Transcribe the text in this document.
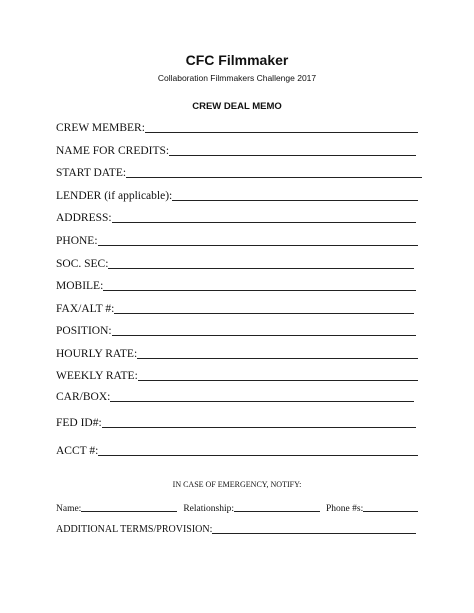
CFC Filmmaker
Collaboration Filmmakers Challenge 2017
CREW DEAL MEMO
CREW MEMBER:
NAME FOR CREDITS:
START DATE:
LENDER (if applicable):
ADDRESS:
PHONE:
SOC. SEC:
MOBILE:
FAX/ALT #:
POSITION:
HOURLY RATE:
WEEKLY RATE:
CAR/BOX:
FED ID#:
ACCT #:
IN CASE OF EMERGENCY, NOTIFY:
Name:	Relationship:	Phone #s:
ADDITIONAL TERMS/PROVISION:
